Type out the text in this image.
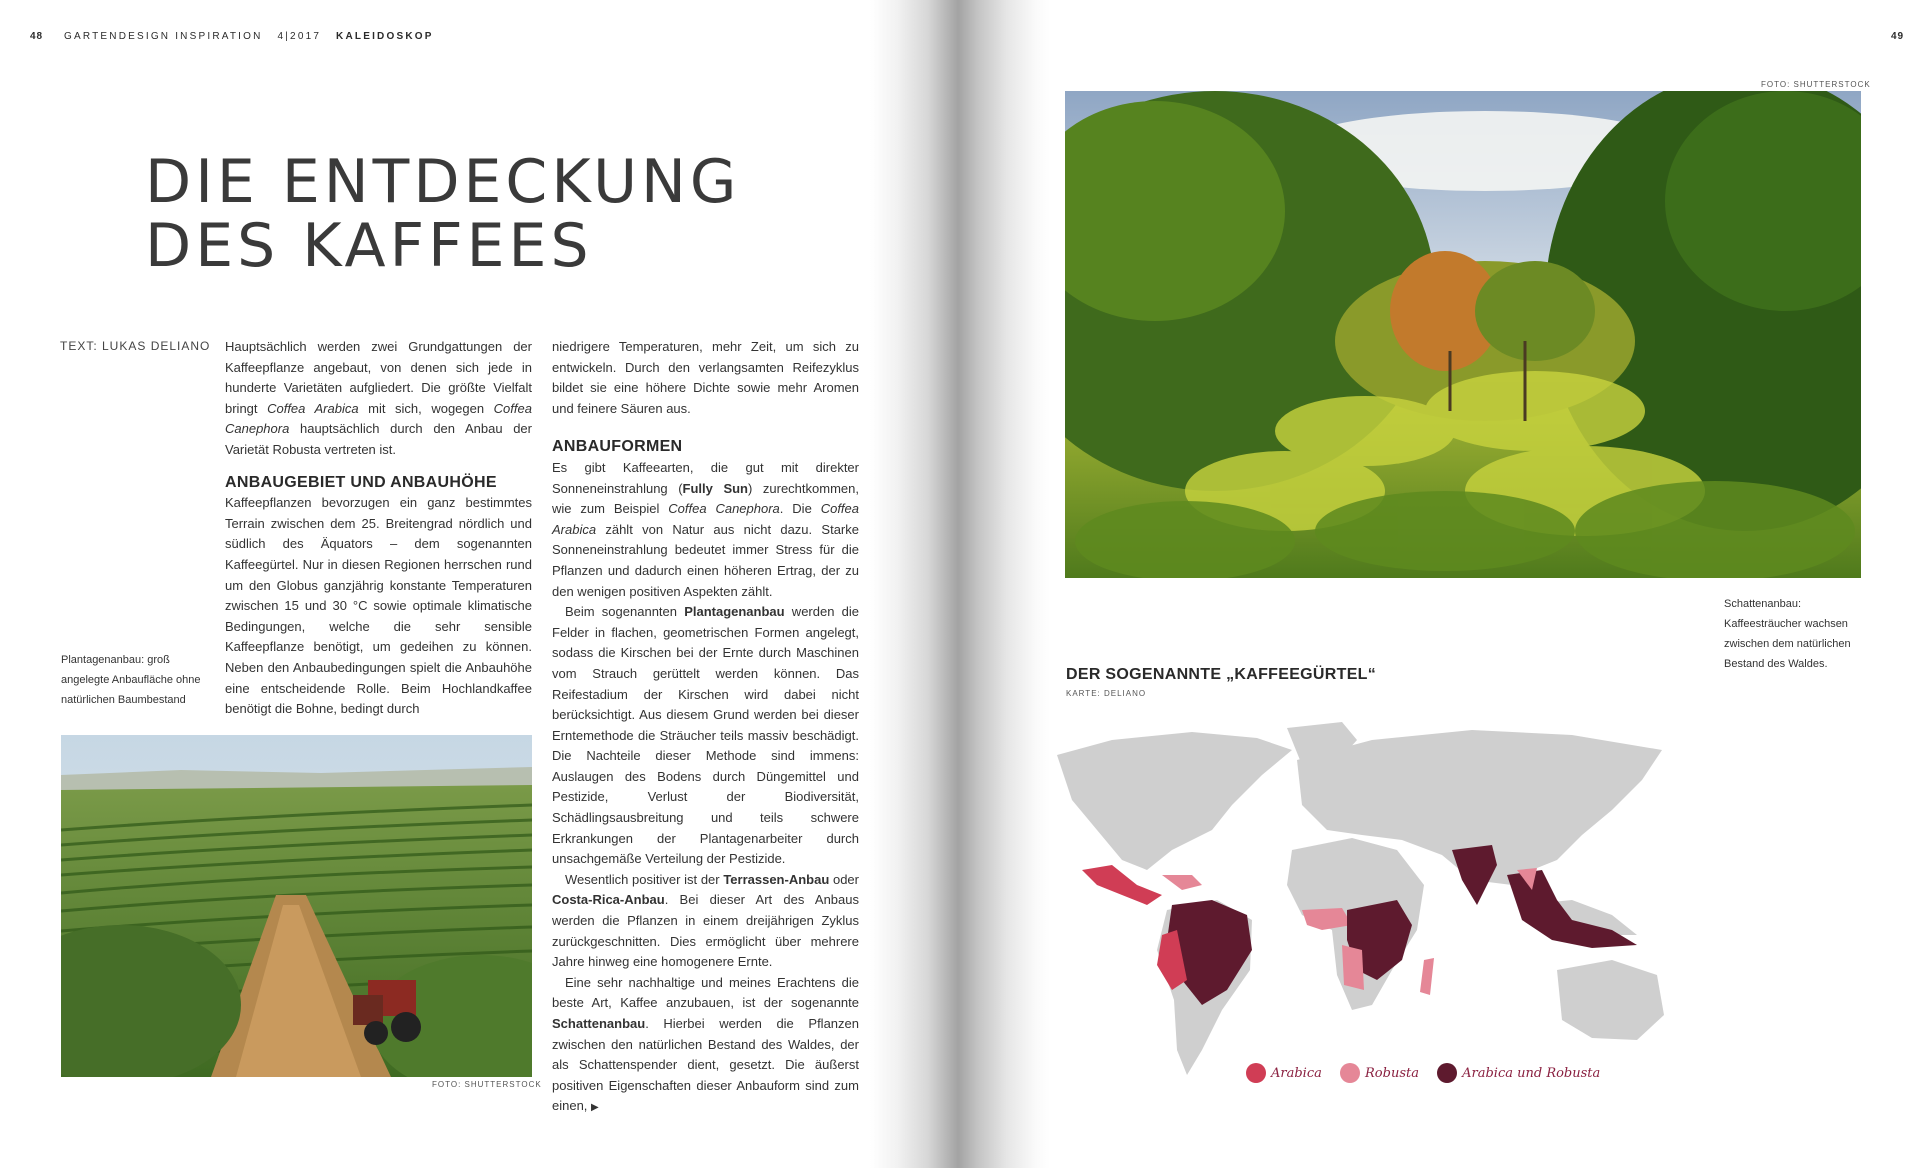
48 GARTENDESIGN INSPIRATION 4|2017 KALEIDOSKOP	49
DIE ENTDECKUNG
DES KAFFEES
TEXT: LUKAS DELIANO Hauptsächlich werden zwei Grundgattungen der Kaffeepflanze angebaut, von denen sich jede in hunderte Varietäten aufgliedert. Die größte Vielfalt bringt Coffea Arabica mit sich, wogegen Coffea Canephora hauptsächlich durch den Anbau der Varietät Robusta vertreten ist.

ANBAUGEBIET UND ANBAUHÖHE

Kaffeepflanzen bevorzugen ein ganz bestimmtes Terrain zwischen dem 25. Breitengrad nördlich und südlich des Äquators – dem sogenannten Kaffeegürtel. Nur in diesen Regionen herrschen rund um den Globus ganzjährig konstante Temperaturen zwischen 15 und 30 °C sowie optimale klimatische Bedingungen, welche die sehr sensible Kaffeepflanze benötigt, um gedeihen zu können. Neben den Anbaubedingungen spielt die Anbauhöhe eine entscheidende Rolle. Beim Hochlandkaffee benötigt die Bohne, bedingt durch

Plantagenanbau: groß angelegte Anbaufläche ohne natürlichen Baumbestand
FOTO: SHUTTERSTOCK

niedrigere Temperaturen, mehr Zeit, um sich zu entwickeln. Durch den verlangsamten Reifezyklus bildet sie eine höhere Dichte sowie mehr Aromen und feinere Säuren aus.

ANBAUFORMEN

Es gibt Kaffeearten, die gut mit direkter Sonneneinstrahlung (Fully Sun) zurechtkommen, wie zum Beispiel Coffea Canephora. Die Coffea Arabica zählt von Natur aus nicht dazu. Starke Sonneneinstrahlung bedeutet immer Stress für die Pflanzen und dadurch einen höheren Ertrag, der zu den wenigen positiven Aspekten zählt.

Beim sogenannten Plantagenanbau werden die Felder in flachen, geometrischen Formen angelegt, sodass die Kirschen bei der Ernte durch Maschinen vom Strauch gerüttelt werden können. Das Reifestadium der Kirschen wird dabei nicht berücksichtigt. Aus diesem Grund werden bei dieser Erntemethode die Sträucher teils massiv beschädigt. Die Nachteile dieser Methode sind immens: Auslaugen des Bodens durch Düngemittel und Pestizide, Verlust der Biodiversität, Schädlingsausbreitung und teils schwere Erkrankungen der Plantagenarbeiter durch unsachgemäße Verteilung der Pestizide.

Wesentlich positiver ist der Terrassen-Anbau oder Costa-Rica-Anbau. Bei dieser Art des Anbaus werden die Pflanzen in einem dreijährigen Zyklus zurückgeschnitten. Dies ermöglicht über mehrere Jahre hinweg eine homogenere Ernte.

Eine sehr nachhaltige und meines Erachtens die beste Art, Kaffee anzubauen, ist der sogenannte Schattenanbau. Hierbei werden die Pflanzen zwischen den natürlichen Bestand des Waldes, der als Schattenspender dient, gesetzt. Die äußerst positiven Eigenschaften dieser Anbauform sind zum einen, ▶

FOTO: SHUTTERSTOCK
Schattenanbau: Kaffeesträucher wachsen zwischen dem natürlichen Bestand des Waldes.
DER SOGENANNTE „KAFFEEGÜRTEL“
KARTE: DELIANO
Arabica	Robusta	Arabica und Robusta
